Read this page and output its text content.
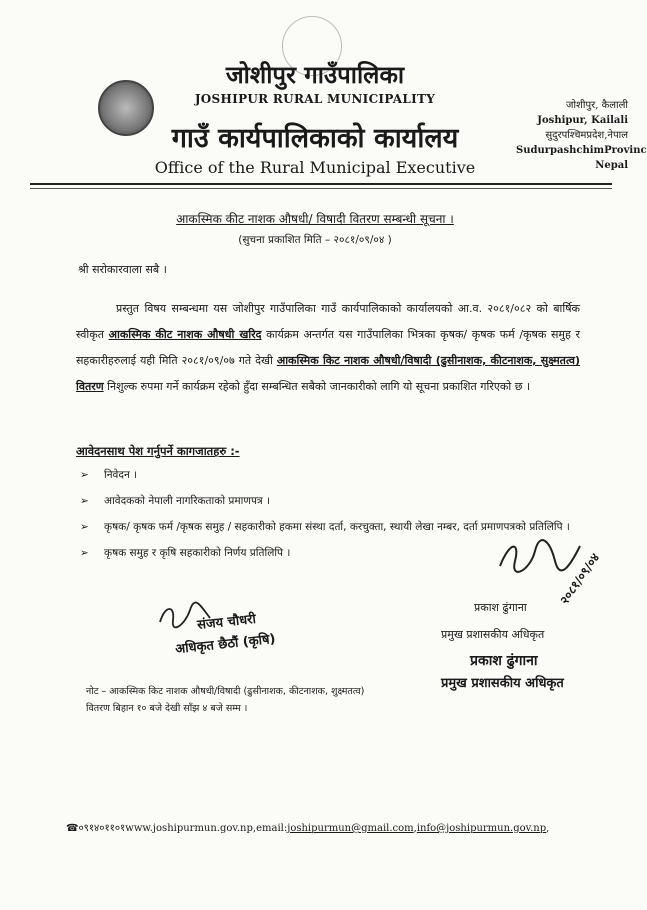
जोशीपुर गाउँपालिका
JOSHIPUR RURAL MUNICIPALITY
गाउँ कार्यपालिकाको कार्यालय
Office of the Rural Municipal Executive
जोशीपुर, कैलाली
Joshipur, Kailali
सुदुरपश्चिमप्रदेश,नेपाल
SudurpashchimProvinc
Nepal
आकस्मिक कीट नाशक औषधी/ विषादी वितरण सम्बन्धी सूचना ।
(सुचना प्रकाशित मिति – २०८१/०९/०४ )
श्री सरोकारवाला सबै ।
प्रस्तुत विषय सम्बन्धमा यस जोशीपुर गाउँपालिका गाउँ कार्यपालिकाको कार्यालयको आ.व. २०८१/०८२ को बार्षिक स्वीकृत आकस्मिक कीट नाशक औषधी खरिद कार्यक्रम अन्तर्गत यस गाउँपालिका भित्रका कृषक/ कृषक फर्म /कृषक समुह र सहकारीहरुलाई यही मिति २०८१/०९/०७ गते देखी आकस्मिक किट नाशक औषधी/विषादी (ढुसीनाशक, कीटनाशक, सुक्ष्मतत्व) वितरण निशुल्क रुपमा गर्ने कार्यक्रम रहेको हुँदा सम्बन्धित सबैको जानकारीको लागि यो सूचना प्रकाशित गरिएको छ ।
आवेदनसाथ पेश गर्नुपर्ने कागजातहरु :-
➢ निवेदन ।
➢ आवेदकको नेपाली नागरिकताको प्रमाणपत्र ।
➢ कृषक/ कृषक फर्म /कृषक समुह / सहकारीको हकमा संस्था दर्ता, करचुक्ता, स्थायी लेखा नम्बर, दर्ता प्रमाणपत्रको प्रतिलिपि ।
➢ कृषक समुह र कृषि सहकारीको निर्णय प्रतिलिपि ।	२०८१/०९/०४
प्रकाश ढुंगाना
प्रमुख प्रशासकीय अधिकृत
प्रकाश ढुंगाना
प्रमुख प्रशासकीय अधिकृत
संजय चौधरी
अधिकृत छैठौं (कृषि)
नोट – आकस्मिक किट नाशक औषधी/विषादी (ढुसीनाशक, कीटनाशक, शुक्ष्मतत्व)
वितरण बिहान १० बजे देखी साँझ ४ बजे सम्म ।
☎०९१४०११०१www.joshipurmun.gov.np,email:joshipurmun@gmail.com,info@joshipurmun.gov.np,
